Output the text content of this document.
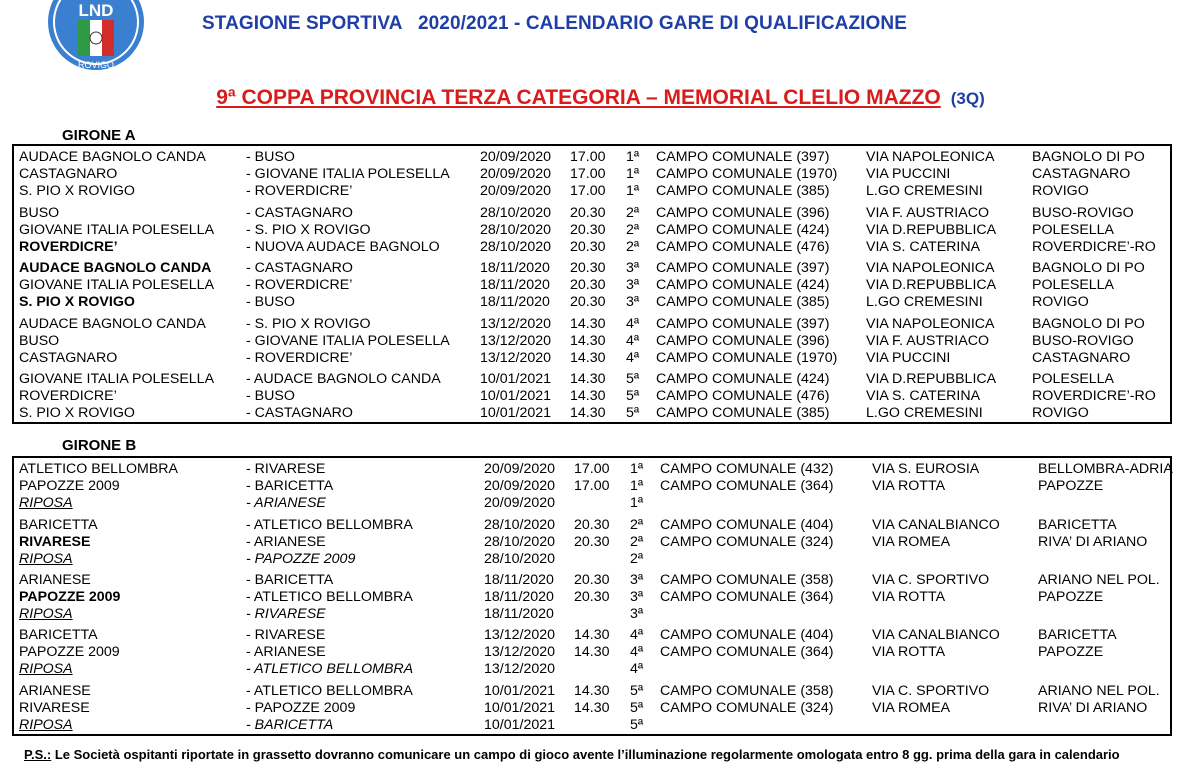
LND
ROVIGO
STAGIONE SPORTIVA   2020/2021 - CALENDARIO GARE DI QUALIFICAZIONE
9ª COPPA PROVINCIA TERZA CATEGORIA – MEMORIAL CLELIO MAZZO (3Q)
GIRONE A
AUDACE BAGNOLO CANDA	- BUSO	20/09/2020 17.00 1ª CAMPO COMUNALE (397)	VIA NAPOLEONICA	BAGNOLO DI PO
CASTAGNARO	- GIOVANE ITALIA POLESELLA 20/09/2020 17.00 1ª CAMPO COMUNALE (1970) VIA PUCCINI	CASTAGNARO
S. PIO X ROVIGO	- ROVERDICRE’	20/09/2020 17.00 1ª CAMPO COMUNALE (385)	L.GO CREMESINI	ROVIGO
BUSO	- CASTAGNARO	28/10/2020 20.30 2ª CAMPO COMUNALE (396)	VIA F. AUSTRIACO	BUSO-ROVIGO
GIOVANE ITALIA POLESELLA - S. PIO X ROVIGO	28/10/2020 20.30 2ª CAMPO COMUNALE (424)	VIA D.REPUBBLICA	POLESELLA
ROVERDICRE’	- NUOVA AUDACE BAGNOLO	28/10/2020 20.30 2ª CAMPO COMUNALE (476)	VIA S. CATERINA	ROVERDICRE’-RO
AUDACE BAGNOLO CANDA - CASTAGNARO	18/11/2020 20.30 3ª CAMPO COMUNALE (397)	VIA NAPOLEONICA	BAGNOLO DI PO
GIOVANE ITALIA POLESELLA - ROVERDICRE’	18/11/2020 20.30 3ª CAMPO COMUNALE (424)	VIA D.REPUBBLICA	POLESELLA
S. PIO X ROVIGO	- BUSO	18/11/2020 20.30 3ª CAMPO COMUNALE (385)	L.GO CREMESINI	ROVIGO
AUDACE BAGNOLO CANDA	- S. PIO X ROVIGO	13/12/2020 14.30 4ª CAMPO COMUNALE (397)	VIA NAPOLEONICA	BAGNOLO DI PO
BUSO	- GIOVANE ITALIA POLESELLA 13/12/2020 14.30 4ª CAMPO COMUNALE (396)	VIA F. AUSTRIACO	BUSO-ROVIGO
CASTAGNARO	- ROVERDICRE’	13/12/2020 14.30 4ª CAMPO COMUNALE (1970) VIA PUCCINI	CASTAGNARO
GIOVANE ITALIA POLESELLA - AUDACE BAGNOLO CANDA	10/01/2021 14.30 5ª CAMPO COMUNALE (424)	VIA D.REPUBBLICA	POLESELLA
ROVERDICRE’	- BUSO	10/01/2021 14.30 5ª CAMPO COMUNALE (476)	VIA S. CATERINA	ROVERDICRE’-RO
S. PIO X ROVIGO	- CASTAGNARO	10/01/2021 14.30 5ª CAMPO COMUNALE (385)	L.GO CREMESINI	ROVIGO
GIRONE B
ATLETICO BELLOMBRA	- RIVARESE	20/09/2020 17.00 1ª CAMPO COMUNALE (432)	VIA S. EUROSIA	BELLOMBRA-ADRIA
PAPOZZE 2009	- BARICETTA	20/09/2020 17.00 1ª CAMPO COMUNALE (364)	VIA ROTTA	PAPOZZE
RIPOSA	- ARIANESE	20/09/2020	1ª
BARICETTA	- ATLETICO BELLOMBRA	28/10/2020 20.30 2ª CAMPO COMUNALE (404)	VIA CANALBIANCO	BARICETTA
RIVARESE	- ARIANESE	28/10/2020 20.30 2ª CAMPO COMUNALE (324)	VIA ROMEA	RIVA’ DI ARIANO
RIPOSA	- PAPOZZE 2009	28/10/2020	2ª
ARIANESE	- BARICETTA	18/11/2020 20.30 3ª CAMPO COMUNALE (358)	VIA C. SPORTIVO	ARIANO NEL POL.
PAPOZZE 2009	- ATLETICO BELLOMBRA	18/11/2020 20.30 3ª CAMPO COMUNALE (364)	VIA ROTTA	PAPOZZE
RIPOSA	- RIVARESE	18/11/2020	3ª
BARICETTA	- RIVARESE	13/12/2020 14.30 4ª CAMPO COMUNALE (404)	VIA CANALBIANCO	BARICETTA
PAPOZZE 2009	- ARIANESE	13/12/2020 14.30 4ª CAMPO COMUNALE (364)	VIA ROTTA	PAPOZZE
RIPOSA	- ATLETICO BELLOMBRA	13/12/2020	4ª
ARIANESE	- ATLETICO BELLOMBRA	10/01/2021 14.30 5ª CAMPO COMUNALE (358)	VIA C. SPORTIVO	ARIANO NEL POL.
RIVARESE	- PAPOZZE 2009	10/01/2021 14.30 5ª CAMPO COMUNALE (324)	VIA ROMEA	RIVA’ DI ARIANO
RIPOSA	- BARICETTA	10/01/2021	5ª
P.S.: Le Società ospitanti riportate in grassetto dovranno comunicare un campo di gioco avente l’illuminazione regolarmente omologata entro 8 gg. prima della gara in calendario
